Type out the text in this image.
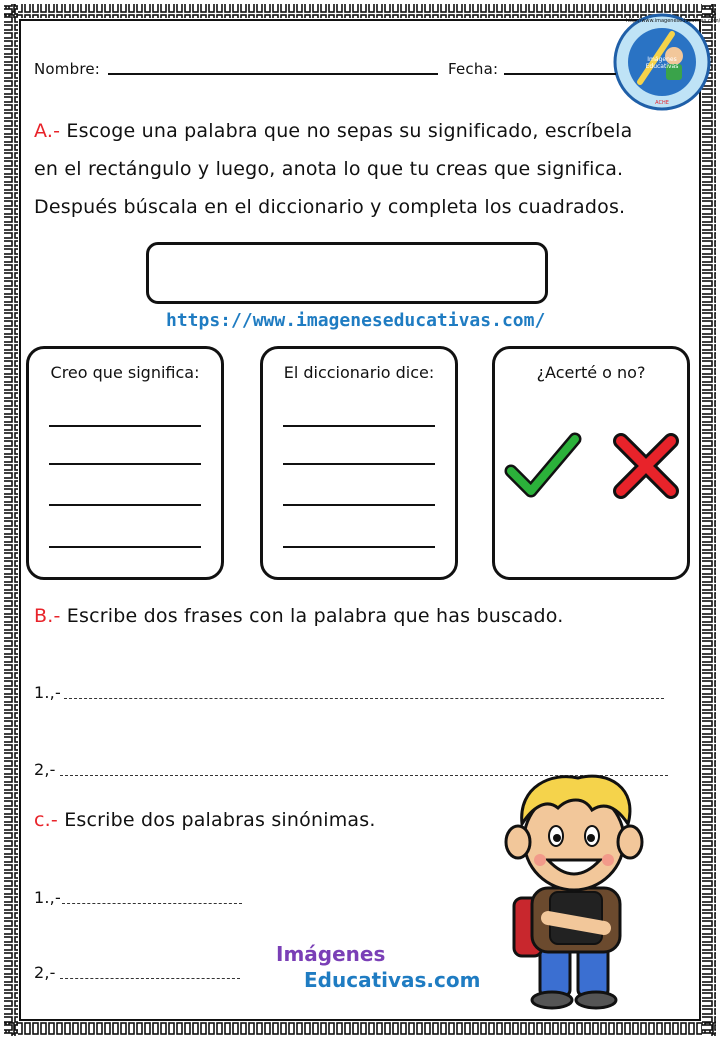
Imágenes Educativas
http://www.imageneseducativas.com/
ACHE
Nombre:	Fecha:
A.- Escoge una palabra que no sepas su significado, escríbela
en el rectángulo y luego, anota lo que tu creas que significa.
Después búscala en el diccionario y completa los cuadrados.
https://www.imageneseducativas.com/
Creo que significa:	El diccionario dice:	¿Acerté o no?
B.- Escribe dos frases con la palabra que has buscado.
1.,-
2,-
c.- Escribe dos palabras sinónimas.
1.,-
2,-
Imágenes
Educativas.com
